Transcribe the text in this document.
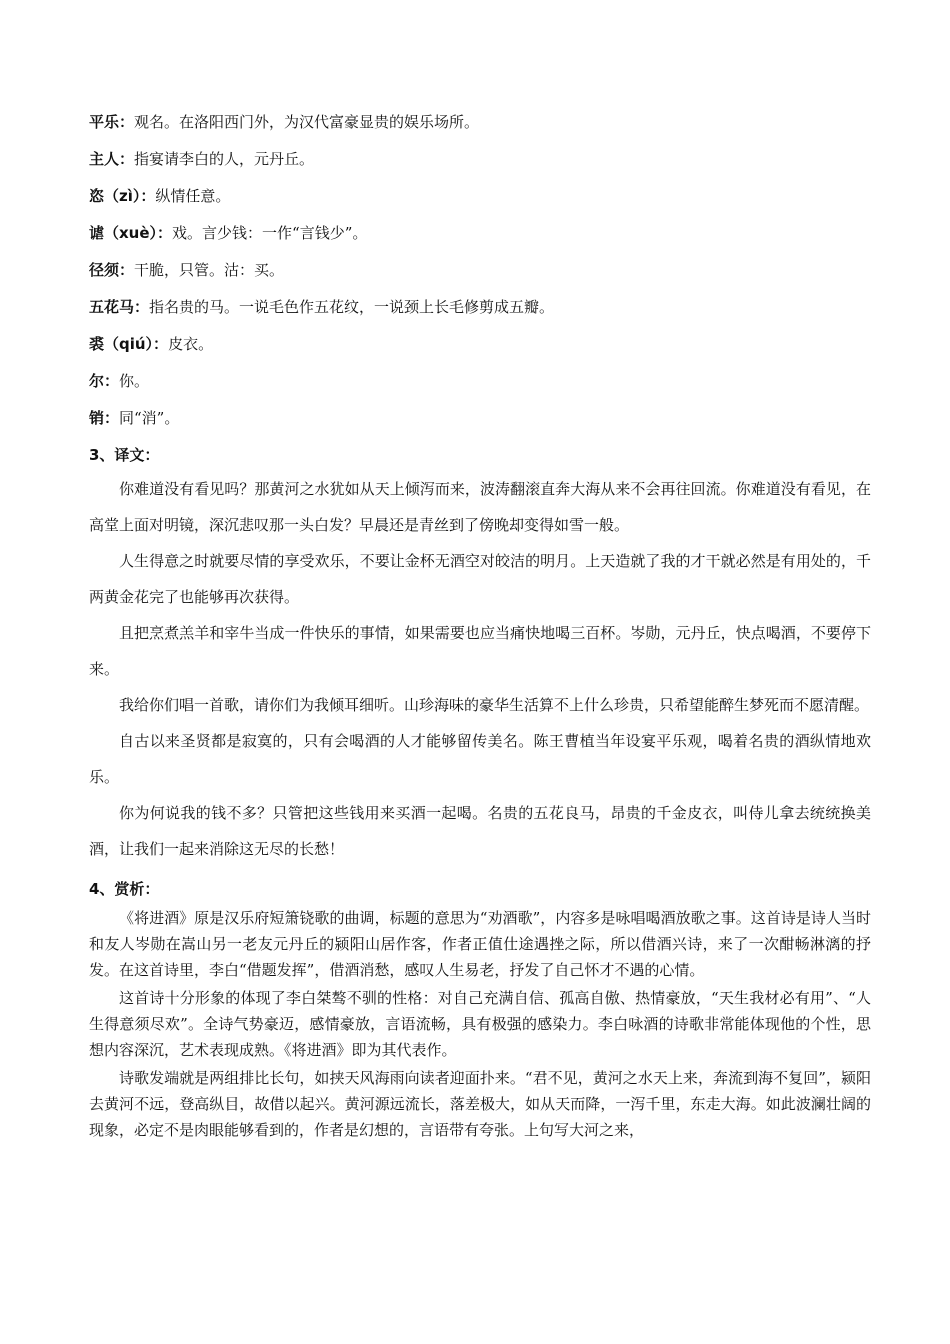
平乐：观名。在洛阳西门外，为汉代富豪显贵的娱乐场所。

主人：指宴请李白的人，元丹丘。

恣（zì）：纵情任意。

谑（xuè）：戏。言少钱：一作“言钱少”。

径须：干脆，只管。沽：买。

五花马：指名贵的马。一说毛色作五花纹，一说颈上长毛修剪成五瓣。

裘（qiú）：皮衣。

尔：你。

销：同“消”。

3、译文：

你难道没有看见吗？那黄河之水犹如从天上倾泻而来，波涛翻滚直奔大海从来不会再往回流。你难道没有看见，在高堂上面对明镜，深沉悲叹那一头白发？早晨还是青丝到了傍晚却变得如雪一般。

人生得意之时就要尽情的享受欢乐，不要让金杯无酒空对皎洁的明月。上天造就了我的才干就必然是有用处的，千两黄金花完了也能够再次获得。

且把烹煮羔羊和宰牛当成一件快乐的事情，如果需要也应当痛快地喝三百杯。岑勋，元丹丘，快点喝酒，不要停下来。

我给你们唱一首歌，请你们为我倾耳细听。山珍海味的豪华生活算不上什么珍贵，只希望能醉生梦死而不愿清醒。

自古以来圣贤都是寂寞的，只有会喝酒的人才能够留传美名。陈王曹植当年设宴平乐观，喝着名贵的酒纵情地欢乐。

你为何说我的钱不多？只管把这些钱用来买酒一起喝。名贵的五花良马，昂贵的千金皮衣，叫侍儿拿去统统换美酒，让我们一起来消除这无尽的长愁！

4、赏析：

《将进酒》原是汉乐府短箫铙歌的曲调，标题的意思为“劝酒歌”，内容多是咏唱喝酒放歌之事。这首诗是诗人当时和友人岑勋在嵩山另一老友元丹丘的颍阳山居作客，作者正值仕途遇挫之际，所以借酒兴诗，来了一次酣畅淋漓的抒发。在这首诗里，李白“借题发挥”，借酒消愁，感叹人生易老，抒发了自己怀才不遇的心情。

这首诗十分形象的体现了李白桀骜不驯的性格：对自己充满自信、孤高自傲、热情豪放，“天生我材必有用”、“人生得意须尽欢”。全诗气势豪迈，感情豪放，言语流畅，具有极强的感染力。李白咏酒的诗歌非常能体现他的个性，思想内容深沉，艺术表现成熟。《将进酒》即为其代表作。

诗歌发端就是两组排比长句，如挟天风海雨向读者迎面扑来。“君不见，黄河之水天上来，奔流到海不复回”，颍阳去黄河不远，登高纵目，故借以起兴。黄河源远流长，落差极大，如从天而降，一泻千里，东走大海。如此波澜壮阔的现象，必定不是肉眼能够看到的，作者是幻想的，言语带有夸张。上句写大河之来，
